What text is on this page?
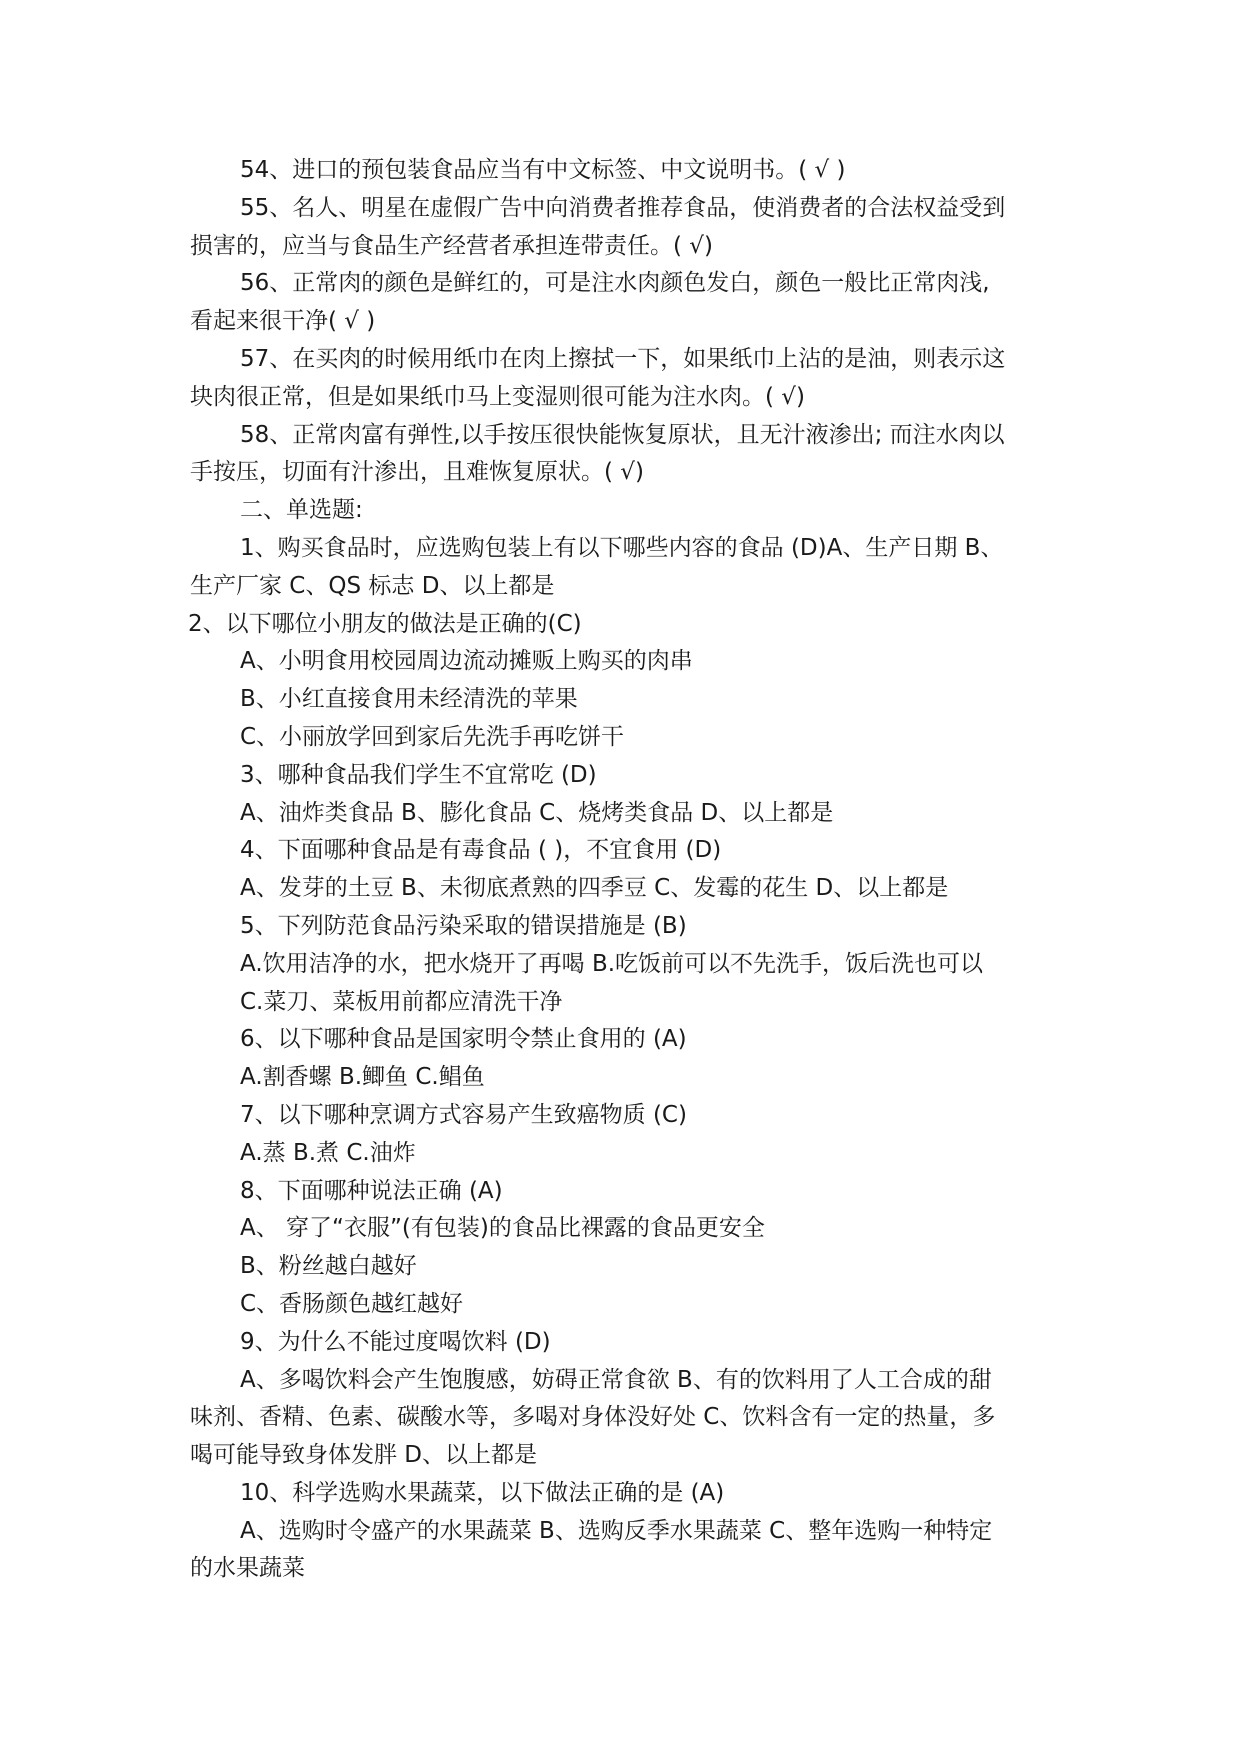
54、进口的预包装食品应当有中文标签、中文说明书。( √ )
55、名人、明星在虚假广告中向消费者推荐食品，使消费者的合法权益受到
损害的，应当与食品生产经营者承担连带责任。( √)
56、正常肉的颜色是鲜红的，可是注水肉颜色发白，颜色一般比正常肉浅,
看起来很干净( √ )
57、在买肉的时候用纸巾在肉上擦拭一下，如果纸巾上沾的是油，则表示这
块肉很正常，但是如果纸巾马上变湿则很可能为注水肉。( √)
58、正常肉富有弹性,以手按压很快能恢复原状，且无汁液渗出; 而注水肉以
手按压，切面有汁渗出，且难恢复原状。( √)
二、单选题:
1、购买食品时，应选购包装上有以下哪些内容的食品 (D)A、生产日期 B、
生产厂家 C、QS 标志 D、以上都是
2、以下哪位小朋友的做法是正确的(C)
A、小明食用校园周边流动摊贩上购买的肉串
B、小红直接食用未经清洗的苹果
C、小丽放学回到家后先洗手再吃饼干
3、哪种食品我们学生不宜常吃 (D)
A、油炸类食品 B、膨化食品 C、烧烤类食品 D、以上都是
4、下面哪种食品是有毒食品 ( )，不宜食用 (D)
A、发芽的土豆 B、未彻底煮熟的四季豆 C、发霉的花生 D、以上都是
5、下列防范食品污染采取的错误措施是 (B)
A.饮用洁净的水，把水烧开了再喝 B.吃饭前可以不先洗手，饭后洗也可以
C.菜刀、菜板用前都应清洗干净
6、以下哪种食品是国家明令禁止食用的 (A)
A.割香螺 B.鲫鱼 C.鲳鱼
7、以下哪种烹调方式容易产生致癌物质 (C)
A.蒸 B.煮 C.油炸
8、下面哪种说法正确 (A)
A、 穿了“衣服”(有包装)的食品比裸露的食品更安全
B、粉丝越白越好
C、香肠颜色越红越好
9、为什么不能过度喝饮料 (D)
A、多喝饮料会产生饱腹感，妨碍正常食欲 B、有的饮料用了人工合成的甜
味剂、香精、色素、碳酸水等，多喝对身体没好处 C、饮料含有一定的热量，多
喝可能导致身体发胖 D、以上都是
10、科学选购水果蔬菜，以下做法正确的是 (A)
A、选购时令盛产的水果蔬菜 B、选购反季水果蔬菜 C、整年选购一种特定
的水果蔬菜
